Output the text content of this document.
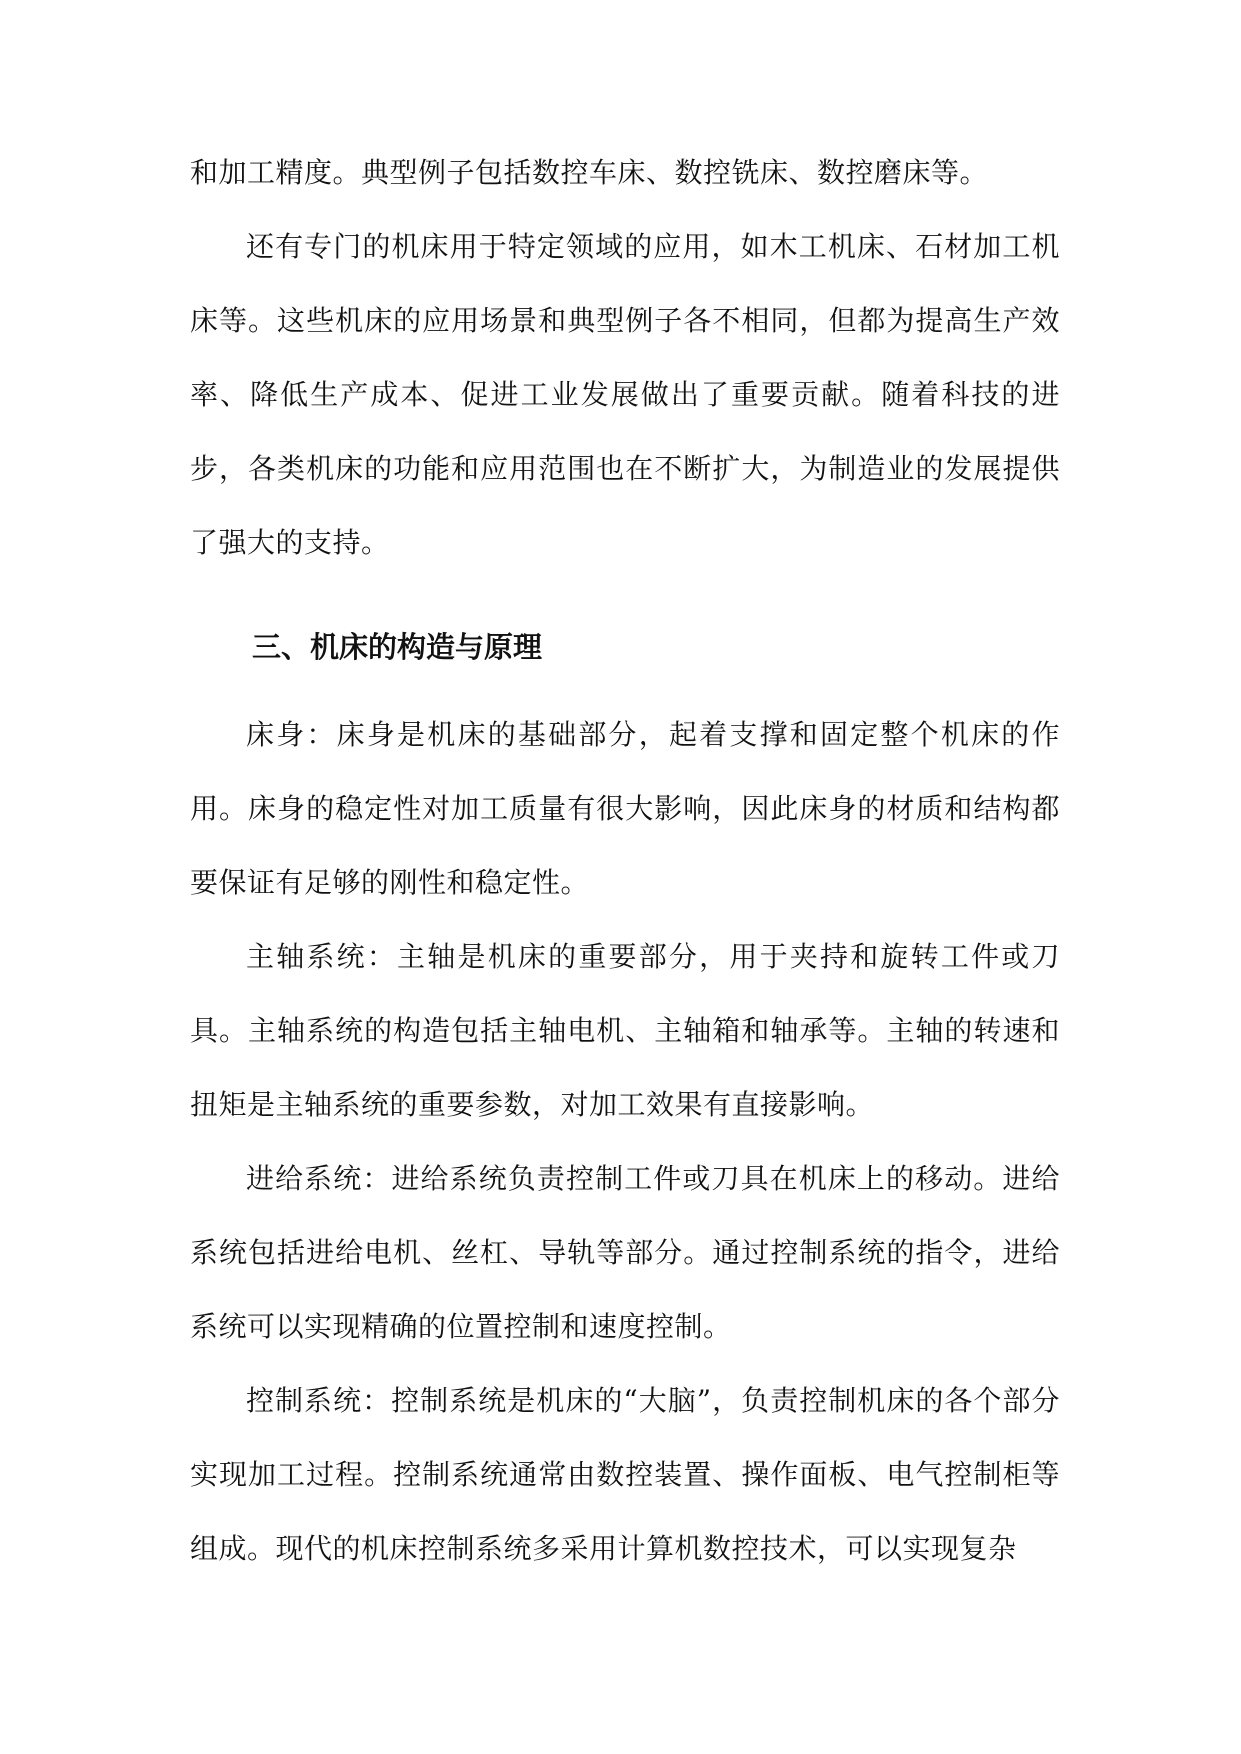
和加工精度。典型例子包括数控车床、数控铣床、数控磨床等。

还有专门的机床用于特定领域的应用，如木工机床、石材加工机床等。这些机床的应用场景和典型例子各不相同，但都为提高生产效率、降低生产成本、促进工业发展做出了重要贡献。随着科技的进步，各类机床的功能和应用范围也在不断扩大，为制造业的发展提供了强大的支持。

三、机床的构造与原理

床身：床身是机床的基础部分，起着支撑和固定整个机床的作用。床身的稳定性对加工质量有很大影响，因此床身的材质和结构都要保证有足够的刚性和稳定性。

主轴系统：主轴是机床的重要部分，用于夹持和旋转工件或刀具。主轴系统的构造包括主轴电机、主轴箱和轴承等。主轴的转速和扭矩是主轴系统的重要参数，对加工效果有直接影响。

进给系统：进给系统负责控制工件或刀具在机床上的移动。进给系统包括进给电机、丝杠、导轨等部分。通过控制系统的指令，进给系统可以实现精确的位置控制和速度控制。

控制系统：控制系统是机床的“大脑”，负责控制机床的各个部分实现加工过程。控制系统通常由数控装置、操作面板、电气控制柜等组成。现代的机床控制系统多采用计算机数控技术，可以实现复杂
